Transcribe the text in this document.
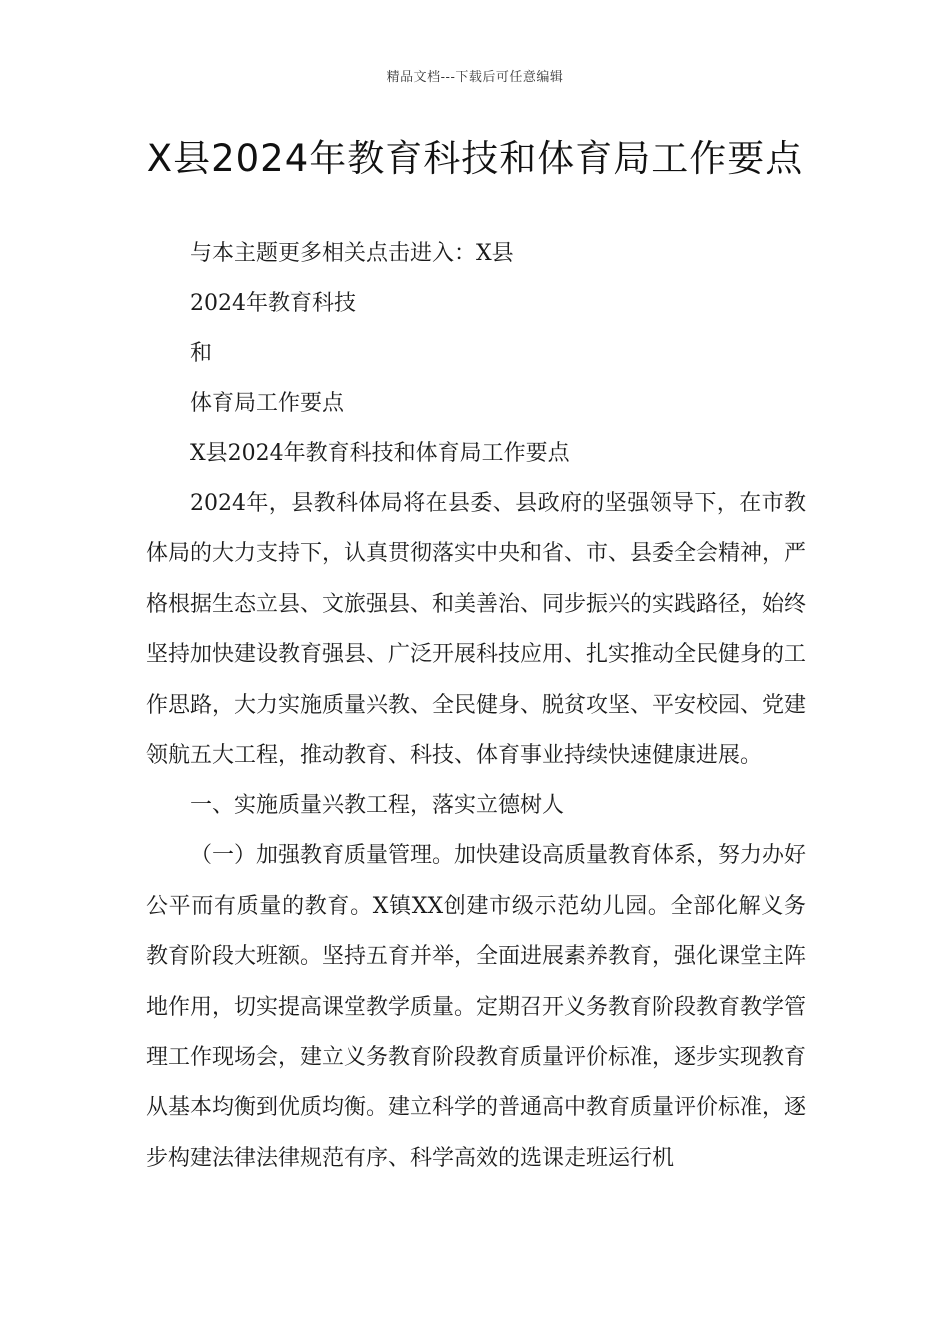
精品文档---下载后可任意编辑
X县2024年教育科技和体育局工作要点

与本主题更多相关点击进入：X县

2024年教育科技

和

体育局工作要点

X县2024年教育科技和体育局工作要点

2024年，县教科体局将在县委、县政府的坚强领导下，在市教体局的大力支持下，认真贯彻落实中央和省、市、县委全会精神，严格根据生态立县、文旅强县、和美善治、同步振兴的实践路径，始终坚持加快建设教育强县、广泛开展科技应用、扎实推动全民健身的工作思路，大力实施质量兴教、全民健身、脱贫攻坚、平安校园、党建领航五大工程，推动教育、科技、体育事业持续快速健康进展。

一、实施质量兴教工程，落实立德树人

（一）加强教育质量管理。加快建设高质量教育体系，努力办好公平而有质量的教育。X镇XX创建市级示范幼儿园。全部化解义务教育阶段大班额。坚持五育并举，全面进展素养教育，强化课堂主阵地作用，切实提高课堂教学质量。定期召开义务教育阶段教育教学管理工作现场会，建立义务教育阶段教育质量评价标准，逐步实现教育从基本均衡到优质均衡。建立科学的普通高中教育质量评价标准，逐步构建法律法律规范有序、科学高效的选课走班运行机
